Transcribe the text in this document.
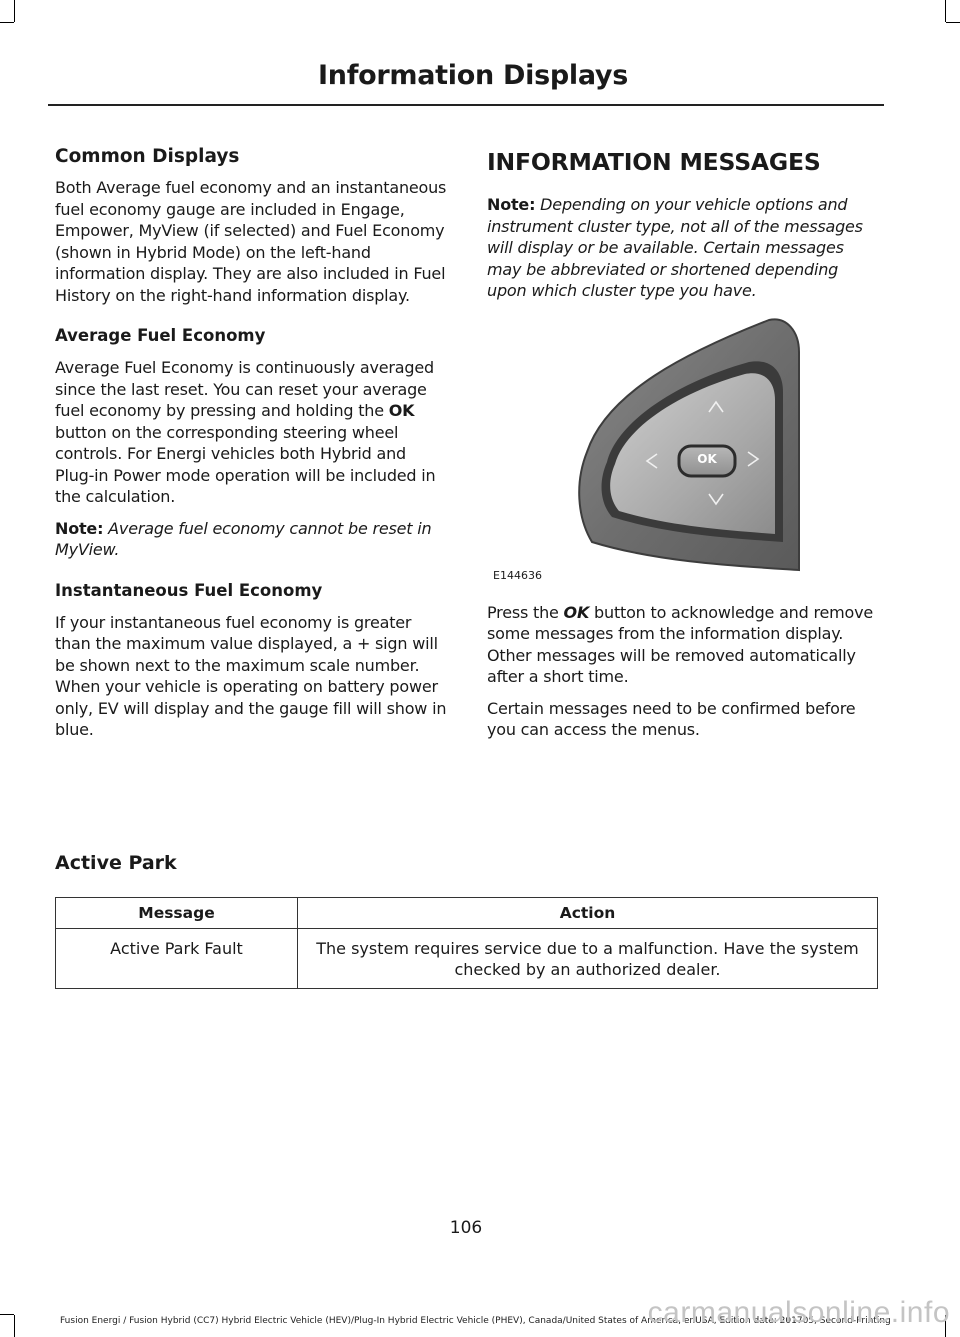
Information Displays
Common Displays

Both Average fuel economy and an instantaneous fuel economy gauge are included in Engage, Empower, MyView (if selected) and Fuel Economy (shown in Hybrid Mode) on the left-hand information display. They are also included in Fuel History on the right-hand information display.

Average Fuel Economy

Average Fuel Economy is continuously averaged since the last reset. You can reset your average fuel economy by pressing and holding the OK button on the corresponding steering wheel controls. For Energi vehicles both Hybrid and Plug-in Power mode operation will be included in the calculation.

Note: Average fuel economy cannot be reset in MyView.

Instantaneous Fuel Economy

If your instantaneous fuel economy is greater than the maximum value displayed, a + sign will be shown next to the maximum scale number. When your vehicle is operating on battery power only, EV will display and the gauge fill will show in blue.

INFORMATION MESSAGES

Note: Depending on your vehicle options and instrument cluster type, not all of the messages will display or be available. Certain messages may be abbreviated or shortened depending upon which cluster type you have.

OK
E144636

Press the OK button to acknowledge and remove some messages from the information display. Other messages will be removed automatically after a short time.

Certain messages need to be confirmed before you can access the menus.

Active Park
Message	Action
Active Park Fault	The system requires service due to a malfunction. Have the system checked by an authorized dealer.
106
Fusion Energi / Fusion Hybrid (CC7) Hybrid Electric Vehicle (HEV)/Plug-In Hybrid Electric Vehicle (PHEV), Canada/United States of America, enUSA, Edition date: 201705, Second-Printing
carmanualsonline.info
